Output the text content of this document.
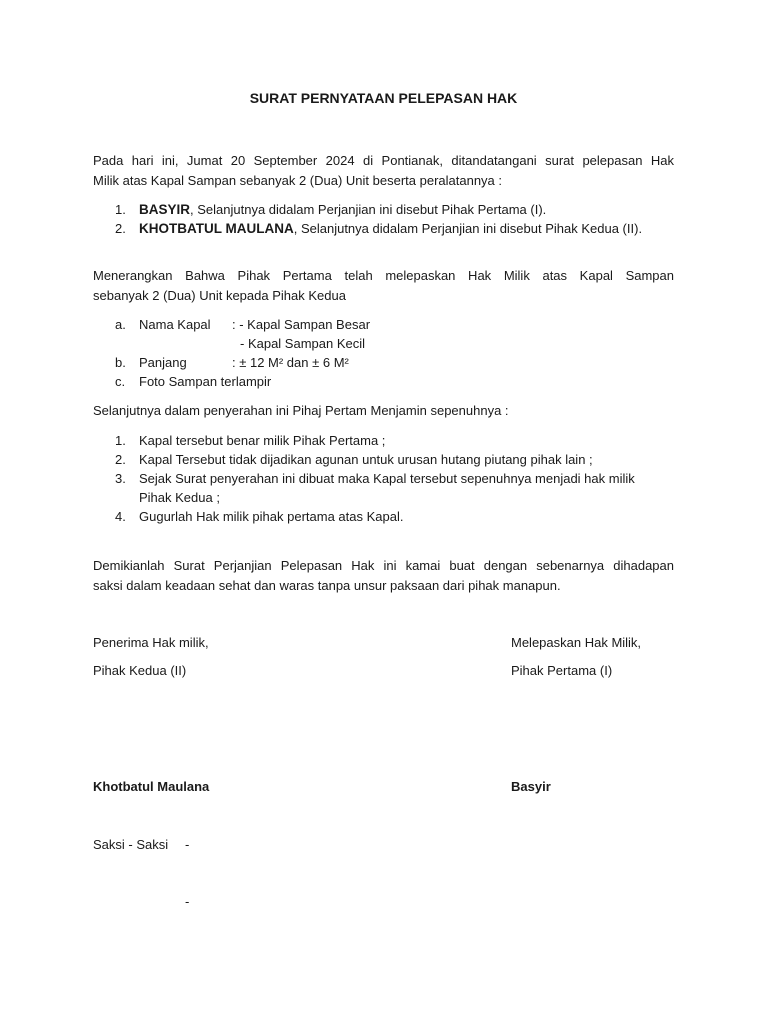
SURAT PERNYATAAN PELEPASAN HAK
Pada hari ini, Jumat 20 September 2024 di Pontianak, ditandatangani surat pelepasan Hak
Milik atas Kapal Sampan sebanyak 2 (Dua) Unit beserta peralatannya :
1. BASYIR, Selanjutnya didalam Perjanjian ini disebut Pihak Pertama (I).
2. KHOTBATUL MAULANA, Selanjutnya didalam Perjanjian ini disebut Pihak Kedua (II).
Menerangkan Bahwa Pihak Pertama telah melepaskan Hak Milik atas Kapal Sampan
sebanyak 2 (Dua) Unit kepada Pihak Kedua
a. Nama Kapal : - Kapal Sampan Besar
- Kapal Sampan Kecil
b. Panjang	: ± 12 M² dan ± 6 M²
c. Foto Sampan terlampir
Selanjutnya dalam penyerahan ini Pihaj Pertam Menjamin sepenuhnya :
1. Kapal tersebut benar milik Pihak Pertama ;
2. Kapal Tersebut tidak dijadikan agunan untuk urusan hutang piutang pihak lain ;
3. Sejak Surat penyerahan ini dibuat maka Kapal tersebut sepenuhnya menjadi hak milik
Pihak Kedua ;
4. Gugurlah Hak milik pihak pertama atas Kapal.
Demikianlah Surat Perjanjian Pelepasan Hak ini kamai buat dengan sebenarnya dihadapan
saksi dalam keadaan sehat dan waras tanpa unsur paksaan dari pihak manapun.
Penerima Hak milik,	Melepaskan Hak Milik,
Pihak Kedua (II)	Pihak Pertama (I)
Khotbatul Maulana	Basyir
Saksi - Saksi -
-
